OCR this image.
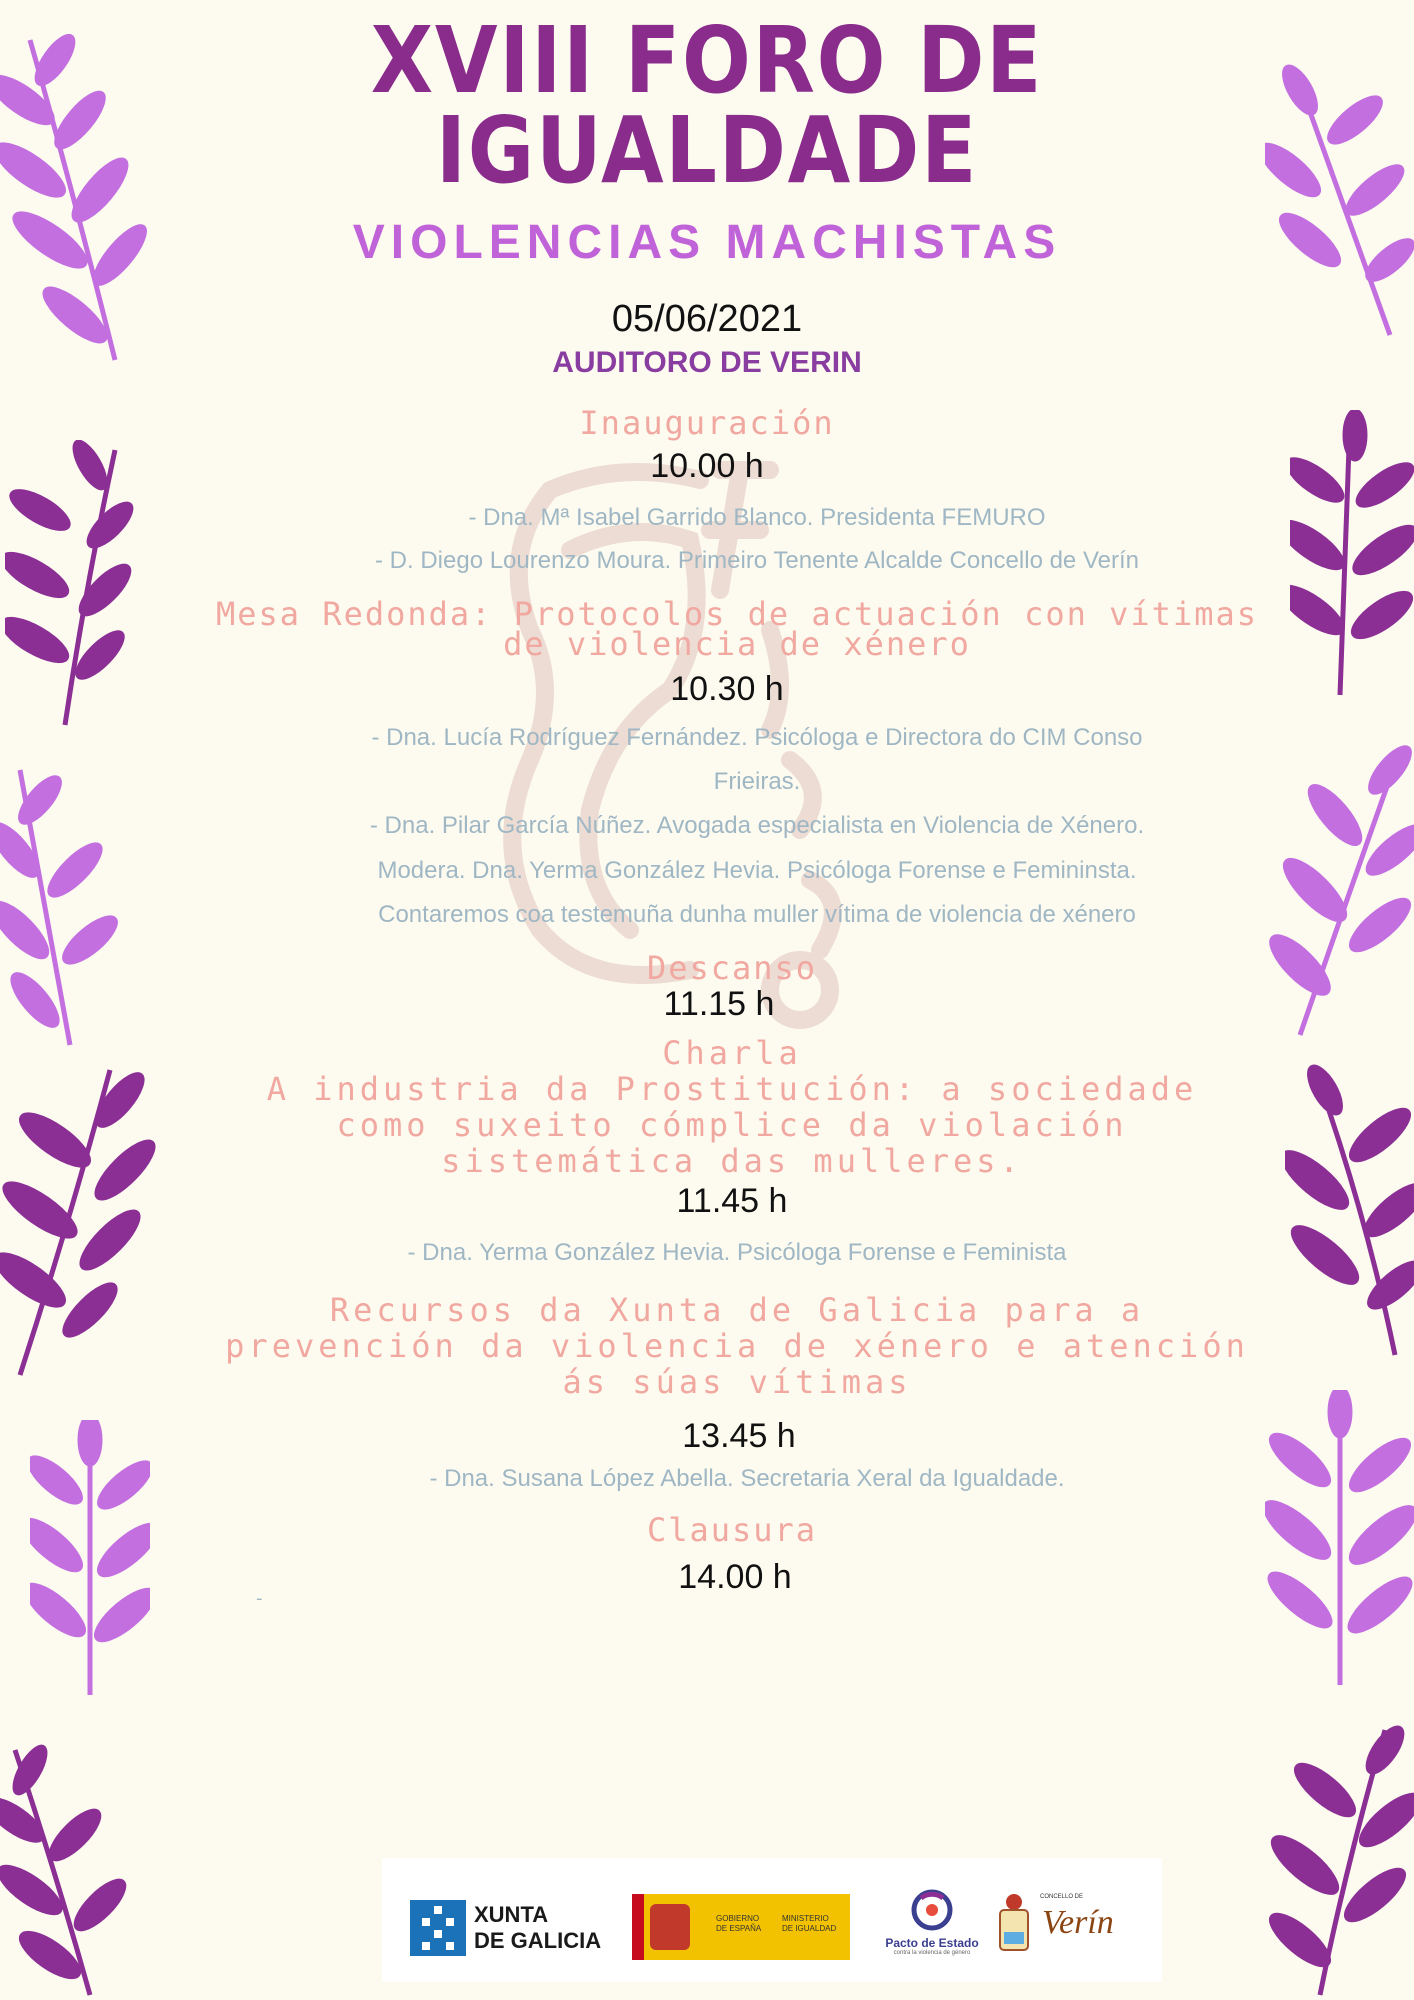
XVIII FORO DE
IGUALDADE
VIOLENCIAS MACHISTAS
05/06/2021
AUDITORO DE VERIN
Inauguración
10.00 h
- Dna. Mª Isabel Garrido Blanco. Presidenta FEMURO
- D. Diego Lourenzo Moura. Primeiro Tenente Alcalde Concello de Verín
Mesa Redonda: Protocolos de actuación con vítimas
de violencia de xénero
10.30 h
- Dna. Lucía Rodríguez Fernández. Psicóloga e Directora do CIM Conso
Frieiras.
- Dna. Pilar García Núñez. Avogada especialista en Violencia de Xénero.
Modera. Dna. Yerma González Hevia. Psicóloga Forense e Femininsta.
Contaremos coa testemuña dunha muller vítima de violencia de xénero
Descanso
11.15 h
Charla
A industria da Prostitución: a sociedade
como suxeito cómplice da violación
sistemática das mulleres.
11.45 h
- Dna. Yerma González Hevia. Psicóloga Forense e Feminista
Recursos da Xunta de Galicia para a
prevención da violencia de xénero e atención
ás súas vítimas
13.45 h
- Dna. Susana López Abella. Secretaria Xeral da Igualdade.
Clausura
14.00 h
-
XUNTA
DE GALICIA
GOBIERNO
DE ESPAÑA
MINISTERIO
DE IGUALDAD
Pacto de Estado
contra la violencia de género
CONCELLO DE
Verín
